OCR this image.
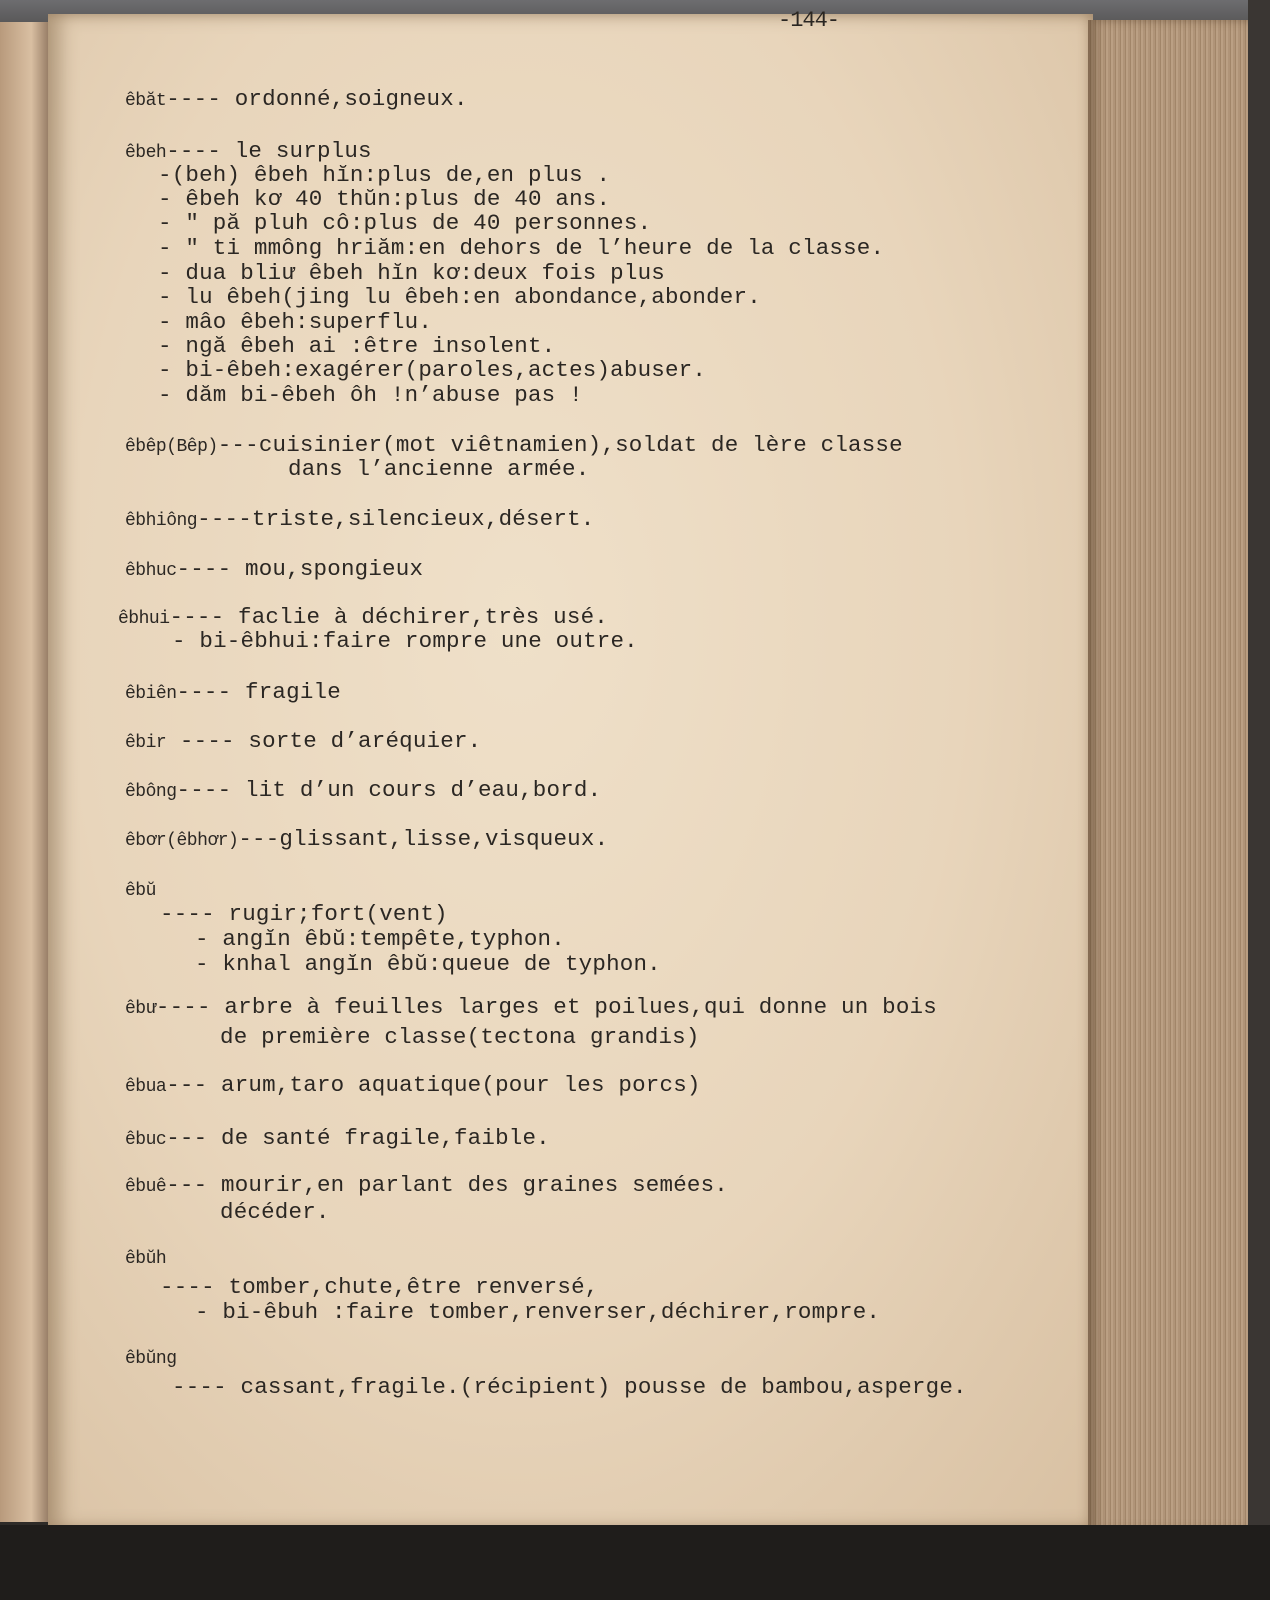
-144-
êbăt---- ordonné,soigneux.
êbeh---- le surplus
-(beh) êbeh hĭn:plus de,en plus .
- êbeh kơ 40 thŭn:plus de 40 ans.
- " pă pluh cô:plus de 40 personnes.
- " ti mmông hriăm:en dehors de l’heure de la classe.
- dua bliư êbeh hĭn kơ:deux fois plus
- lu êbeh(jing lu êbeh:en abondance,abonder.
- mâo êbeh:superflu.
- ngă êbeh ai :être insolent.
- bi-êbeh:exagérer(paroles,actes)abuser.
- dăm bi-êbeh ôh !n’abuse pas !
êbêp(Bêp)---cuisinier(mot viêtnamien),soldat de lère classe
dans l’ancienne armée.
êbhiông----triste,silencieux,désert.
êbhuc---- mou,spongieux
êbhui---- faclie à déchirer,très usé.
- bi-êbhui:faire rompre une outre.
êbiên---- fragile
êbir ---- sorte d’aréquier.
êbông---- lit d’un cours d’eau,bord.
êbơr(êbhơr)---glissant,lisse,visqueux.
êbŭ
---- rugir;fort(vent)
- angĭn êbŭ:tempête,typhon.
- knhal angĭn êbŭ:queue de typhon.
êbư---- arbre à feuilles larges et poilues,qui donne un bois
de première classe(tectona grandis)
êbua--- arum,taro aquatique(pour les porcs)
êbuc--- de santé fragile,faible.
êbuê--- mourir,en parlant des graines semées.
décéder.
êbŭh
---- tomber,chute,être renversé,
- bi-êbuh :faire tomber,renverser,déchirer,rompre.
êbŭng
---- cassant,fragile.(récipient) pousse de bambou,asperge.
